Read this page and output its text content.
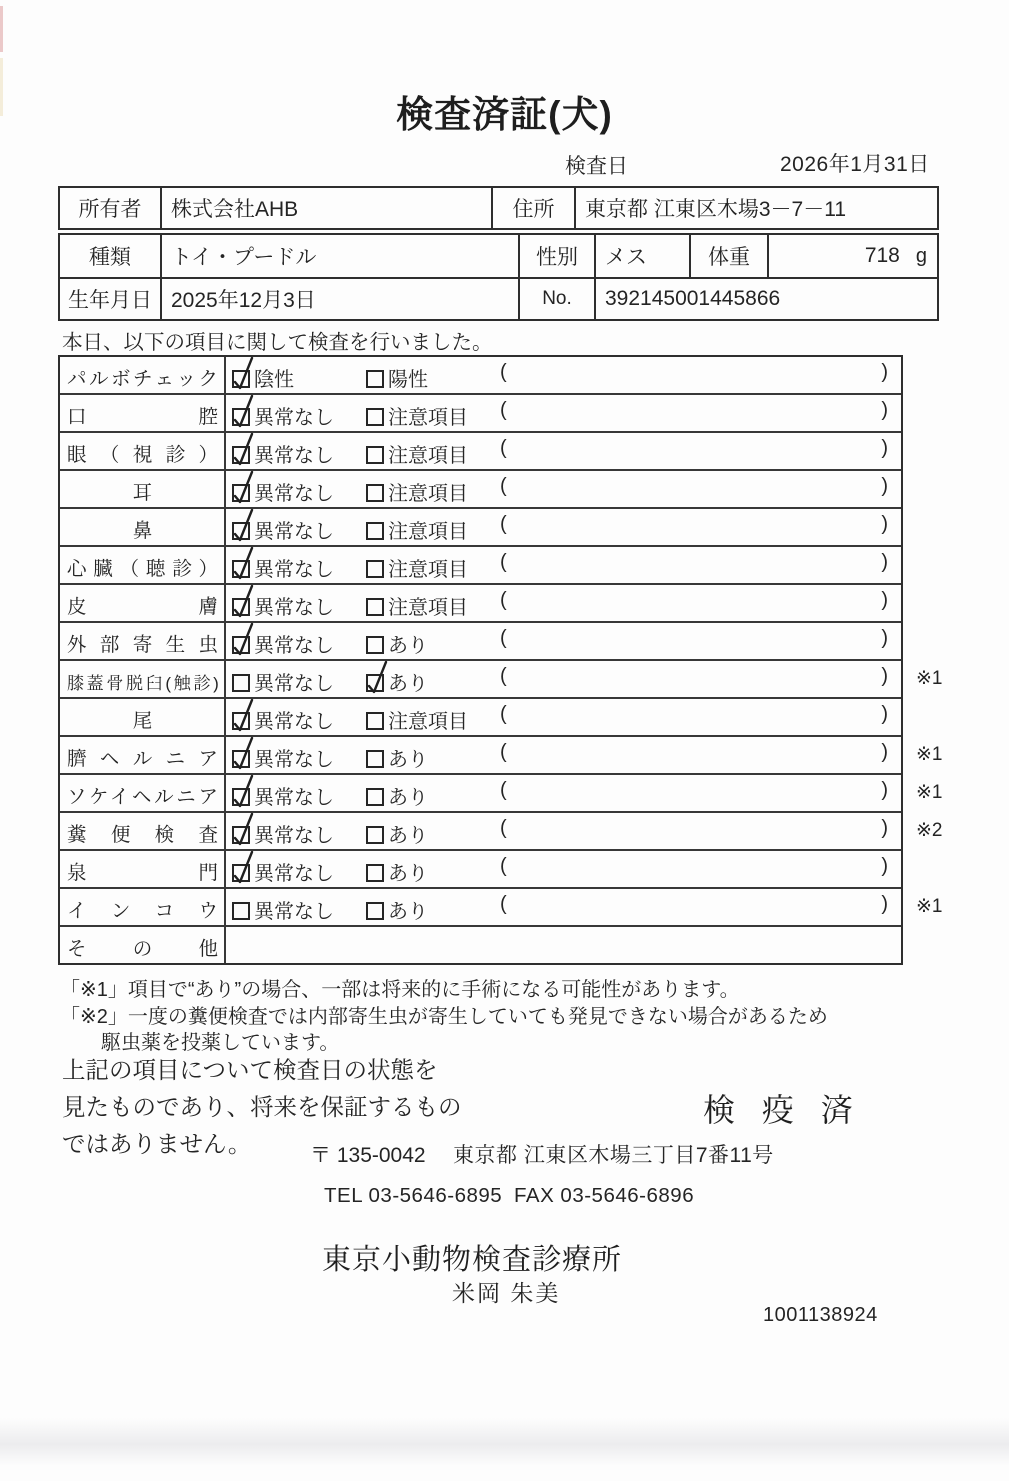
検査済証(犬)
検査日	2026年1月31日
所有者	株式会社AHB	住所	東京都 江東区木場3－7－11
種類	トイ・プードル	性別	メス	体重	718 g
生年月日 2025年12月3日	No.	392145001445866

本日、以下の項目に関して検査を行いました。

パルボチェック	陰性	陽性	(	)
口腔	異常なし	注意項目 (	)
眼（視診）	異常なし	注意項目 (	)
耳	異常なし	注意項目 (	)
鼻	異常なし	注意項目 (	)
心臓（聴診）	異常なし	注意項目 (	)
皮膚	異常なし	注意項目 (	)
外部寄生虫	異常なし	あり	(	)
膝蓋骨脱臼(触診)	異常なし	あり	(	) ※1
尾	異常なし	注意項目 (	)
臍ヘルニア	異常なし	あり	(	) ※1
ソケイヘルニア	異常なし	あり	(	) ※1
糞便検査	異常なし	あり	(	) ※2
泉門	異常なし	あり	(	)
インコウ	異常なし	あり	(	) ※1
その他

「※1」項目で“あり”の場合、一部は将来的に手術になる可能性があります。

「※2」一度の糞便検査では内部寄生虫が寄生していても発見できない場合があるため

駆虫薬を投薬しています。

上記の項目について検査日の状態を
見たものであり、将来を保証するもの
ではありません。

検 疫 済
〒 135-0042 東京都 江東区木場三丁目7番11号
TEL 03-5646-6895 FAX 03-5646-6896
東京小動物検査診療所
米岡 朱美
1001138924
